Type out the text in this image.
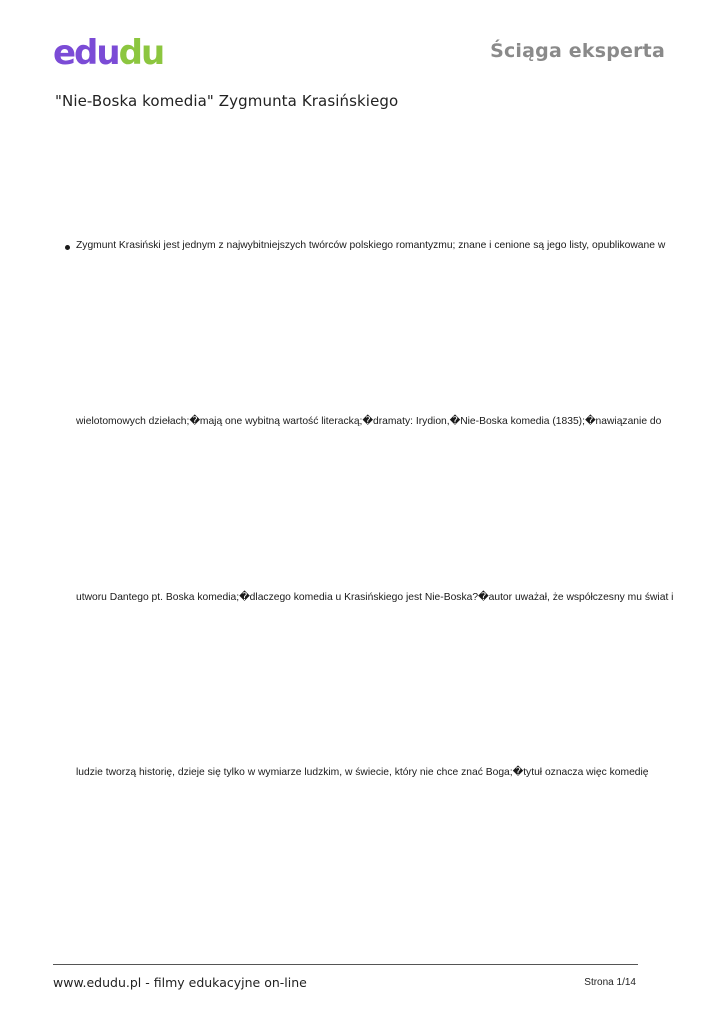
edudu	Ściąga eksperta
"Nie-Boska komedia" Zygmunta Krasińskiego
Zygmunt Krasiński jest jednym z najwybitniejszych twórców polskiego romantyzmu; znane i cenione są jego listy, opublikowane w
wielotomowych dziełach;�mają one wybitną wartość literacką;�dramaty: Irydion,�Nie-Boska komedia (1835);�nawiązanie do
utworu Dantego pt. Boska komedia;�dlaczego komedia u Krasińskiego jest Nie-Boska?�autor uważał, że współczesny mu świat i
ludzie tworzą historię, dzieje się tylko w wymiarze ludzkim, w świecie, który nie chce znać Boga;�tytuł oznacza więc komedię
www.edudu.pl - filmy edukacyjne on-line	Strona 1/14
